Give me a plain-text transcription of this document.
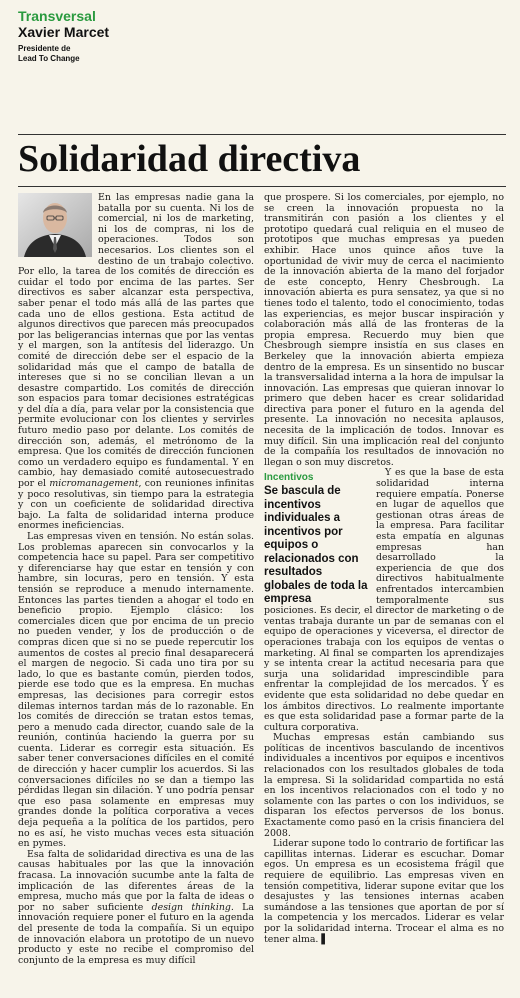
Transversal
Xavier Marcet
Presidente de
Lead To Change
Solidaridad directiva

En las empresas nadie gana la batalla por su cuenta. Ni los de comercial, ni los de marketing, ni los de compras, ni los de operaciones. Todos son necesarios. Los clientes son el destino de un trabajo colectivo. Por ello, la tarea de los comités de dirección es cuidar el todo por encima de las partes. Ser directivos es saber alcanzar esta perspectiva, saber penar el todo más allá de las partes que cada uno de ellos gestiona. Esta actitud de algunos directivos que parecen más preocupados por las beligerancias internas que por las ventas y el margen, son la antítesis del liderazgo. Un comité de dirección debe ser el espacio de la solidaridad más que el campo de batalla de intereses que si no se concilian llevan a un desastre compartido. Los comités de dirección son espacios para tomar decisiones estratégicas y del día a día, para velar por la consistencia que permite evolucionar con los clientes y servirles futuro medio paso por delante. Los comités de dirección son, además, el metrónomo de la empresa. Que los comités de dirección funcionen como un verdadero equipo es fundamental. Y en cambio, hay demasiado comité autosecuestrado por el micromanagement, con reuniones infinitas y poco resolutivas, sin tiempo para la estrategia y con un coeficiente de solidaridad directiva bajo. La falta de solidaridad interna produce enormes ineficiencias.

Las empresas viven en tensión. No están solas. Los problemas aparecen sin convocarlos y la competencia hace su papel. Para ser competitivo y diferenciarse hay que estar en tensión y con hambre, sin locuras, pero en tensión. Y esta tensión se reproduce a menudo internamente. Entonces las partes tienden a ahogar el todo en beneficio propio. Ejemplo clásico: los comerciales dicen que por encima de un precio no pueden vender, y los de producción o de compras dicen que si no se puede repercutir los aumentos de costes al precio final desaparecerá el margen de negocio. Si cada uno tira por su lado, lo que es bastante común, pierden todos, pierde ese todo que es la empresa. En muchas empresas, las decisiones para corregir estos dilemas internos tardan más de lo razonable. En los comités de dirección se tratan estos temas, pero a menudo cada director, cuando sale de la reunión, continúa haciendo la guerra por su cuenta. Liderar es corregir esta situación. Es saber tener conversaciones difíciles en el comité de dirección y hacer cumplir los acuerdos. Si las conversaciones difíciles no se dan a tiempo las pérdidas llegan sin dilación. Y uno podría pensar que eso pasa solamente en empresas muy grandes donde la política corporativa a veces deja pequeña a la política de los partidos, pero no es así, he visto muchas veces esta situación en pymes.

Esa falta de solidaridad directiva es una de las causas habituales por las que la innovación fracasa. La innovación sucumbe ante la falta de implicación de las diferentes áreas de la empresa, mucho más que por la falta de ideas o por no saber suficiente design thinking. La innovación requiere poner el futuro en la agenda del presente de toda la compañía. Si un equipo de innovación elabora un prototipo de un nuevo producto y este no recibe el compromiso del conjunto de la empresa es muy difícil

que prospere. Si los comerciales, por ejemplo, no se creen la innovación propuesta no la transmitirán con pasión a los clientes y el prototipo quedará cual reliquia en el museo de prototipos que muchas empresas ya pueden exhibir. Hace unos quince años tuve la oportunidad de vivir muy de cerca el nacimiento de la innovación abierta de la mano del forjador de este concepto, Henry Chesbrough. La innovación abierta es pura sensatez, ya que si no tienes todo el talento, todo el conocimiento, todas las experiencias, es mejor buscar inspiración y colaboración más allá de las fronteras de la propia empresa. Recuerdo muy bien que Chesbrough siempre insistía en sus clases en Berkeley que la innovación abierta empieza dentro de la empresa. Es un sinsentido no buscar la transversalidad interna a la hora de impulsar la innovación. Las empresas que quieran innovar lo primero que deben hacer es crear solidaridad directiva para poner el futuro en la agenda del presente. La innovación no necesita aplausos, necesita de la implicación de todos. Innovar es muy difícil. Sin una implicación real del conjunto de la compañía los resultados de innovación no llegan o son muy discretos.

Incentivos
Se bascula de incentivos individuales a incentivos por equipos o relacionados con resultados globales de toda la empresa

Y es que la base de esta solidaridad interna requiere empatía. Ponerse en lugar de aquellos que gestionan otras áreas de la empresa. Para facilitar esta empatía en algunas empresas han desarrollado la experiencia de que dos directivos habitualmente enfrentados intercambien temporalmente sus posiciones. Es decir, el director de marketing o de ventas trabaja durante un par de semanas con el equipo de operaciones y viceversa, el director de operaciones trabaja con los equipos de ventas o marketing. Al final se comparten los aprendizajes y se intenta crear la actitud necesaria para que surja una solidaridad imprescindible para enfrentar la complejidad de los mercados. Y es evidente que esta solidaridad no debe quedar en los ámbitos directivos. Lo realmente importante es que esta solidaridad pase a formar parte de la cultura corporativa.

Muchas empresas están cambiando sus políticas de incentivos basculando de incentivos individuales a incentivos por equipos e incentivos relacionados con los resultados globales de toda la empresa. Si la solidaridad compartida no está en los incentivos relacionados con el todo y no solamente con las partes o con los individuos, se disparan los efectos perversos de los bonus. Exactamente como pasó en la crisis financiera del 2008.

Liderar supone todo lo contrario de fortificar las capillitas internas. Liderar es escuchar. Domar egos. Un empresa es un ecosistema frágil que requiere de equilibrio. Las empresas viven en tensión competitiva, liderar supone evitar que los desajustes y las tensiones internas acaben sumándose a las tensiones que aportan de por sí la competencia y los mercados. Liderar es velar por la solidaridad interna. Trocear el alma es no tener alma. ▌
